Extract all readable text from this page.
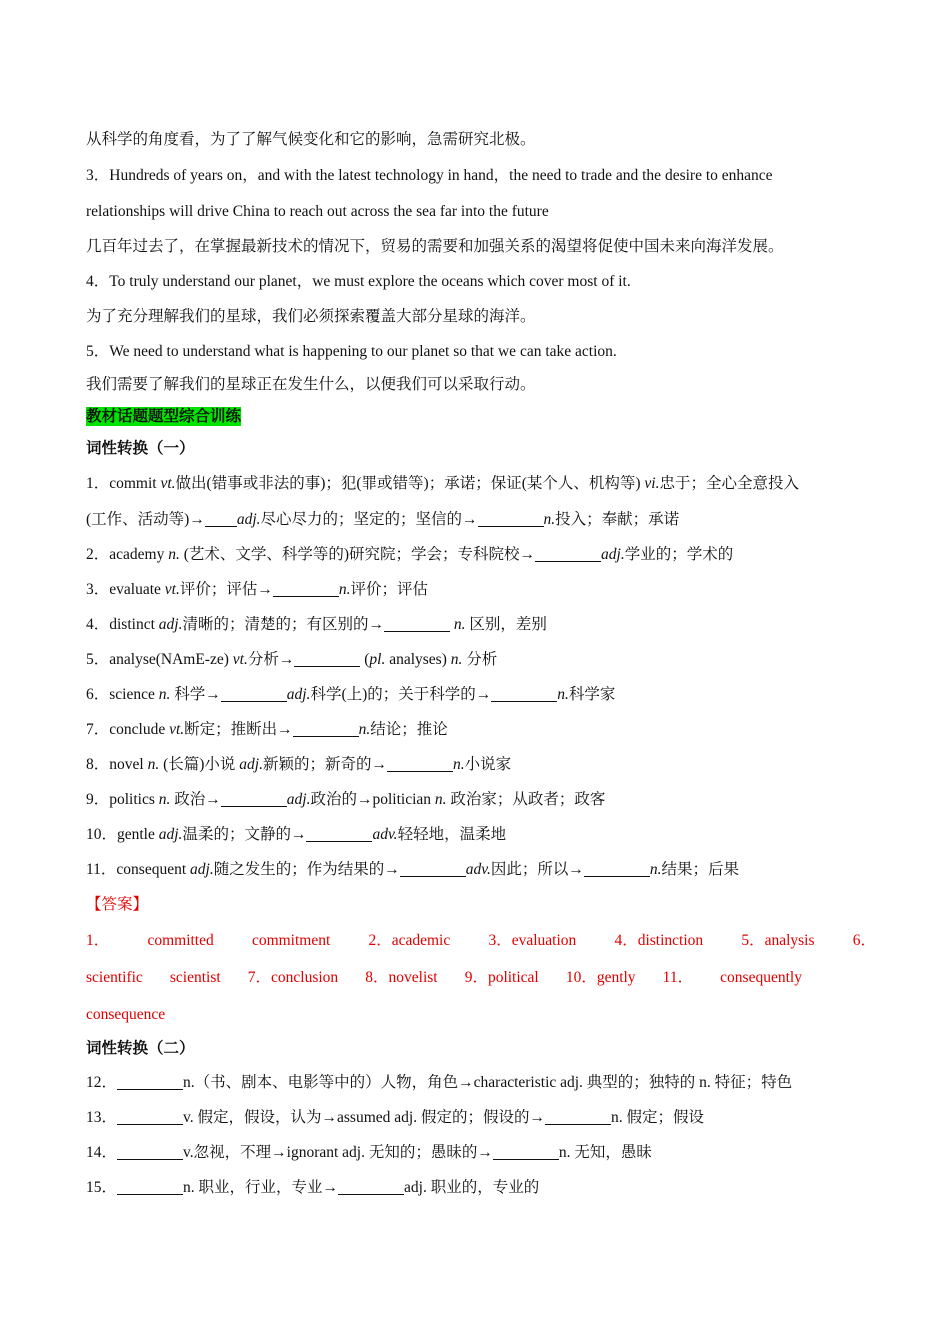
从科学的角度看，为了了解气候变化和它的影响，急需研究北极。
3．Hundreds of years on，and with the latest technology in hand，the need to trade and the desire to enhance
relationships will drive China to reach out across the sea far into the future
几百年过去了，在掌握最新技术的情况下，贸易的需要和加强关系的渴望将促使中国未来向海洋发展。
4．To truly understand our planet，we must explore the oceans which cover most of it.
为了充分理解我们的星球，我们必须探索覆盖大部分星球的海洋。
5．We need to understand what is happening to our planet so that we can take action.
我们需要了解我们的星球正在发生什么，以便我们可以采取行动。
教材话题题型综合训练
词性转换（一）
1．commit vt.做出(错事或非法的事)；犯(罪或错等)；承诺；保证(某个人、机构等) vi.忠于；全心全意投入
(工作、活动等)→ adj.尽心尽力的；坚定的；坚信的→	n.投入；奉献；承诺
2．academy n. (艺术、文学、科学等的)研究院；学会；专科院校→	adj.学业的；学术的
3．evaluate vt.评价；评估→	n.评价；评估
4．distinct adj.清晰的；清楚的；有区别的→	n. 区别，差别
5．analyse(NAmE-ze) vt.分析→	(pl. analyses) n. 分析
6．science n. 科学→	adj.科学(上)的；关于科学的→	n.科学家
7．conclude vt.断定；推断出→	n.结论；推论
8．novel n. (长篇)小说 adj.新颖的；新奇的→	n.小说家
9．politics n. 政治→	adj.政治的→politician n. 政治家；从政者；政客
10．gentle adj.温柔的；文静的→	adv.轻轻地，温柔地
11．consequent adj.随之发生的；作为结果的→	adv.因此；所以→	n.结果；后果
【答案】
1． committed commitment 2．academic 3．evaluation 4．distinction 5．analysis 6．
scientific scientist 7．conclusion 8．novelist 9．political 10．gently 11． consequently
consequence
词性转换（二）
12．	n.（书、剧本、电影等中的）人物，角色→characteristic adj. 典型的；独特的 n. 特征；特色
13．	v. 假定，假设，认为→assumed adj. 假定的；假设的→	n. 假定；假设
14．	v.忽视，不理→ignorant adj. 无知的；愚昧的→	n. 无知，愚昧
15．	n. 职业，行业，专业→	adj. 职业的，专业的
